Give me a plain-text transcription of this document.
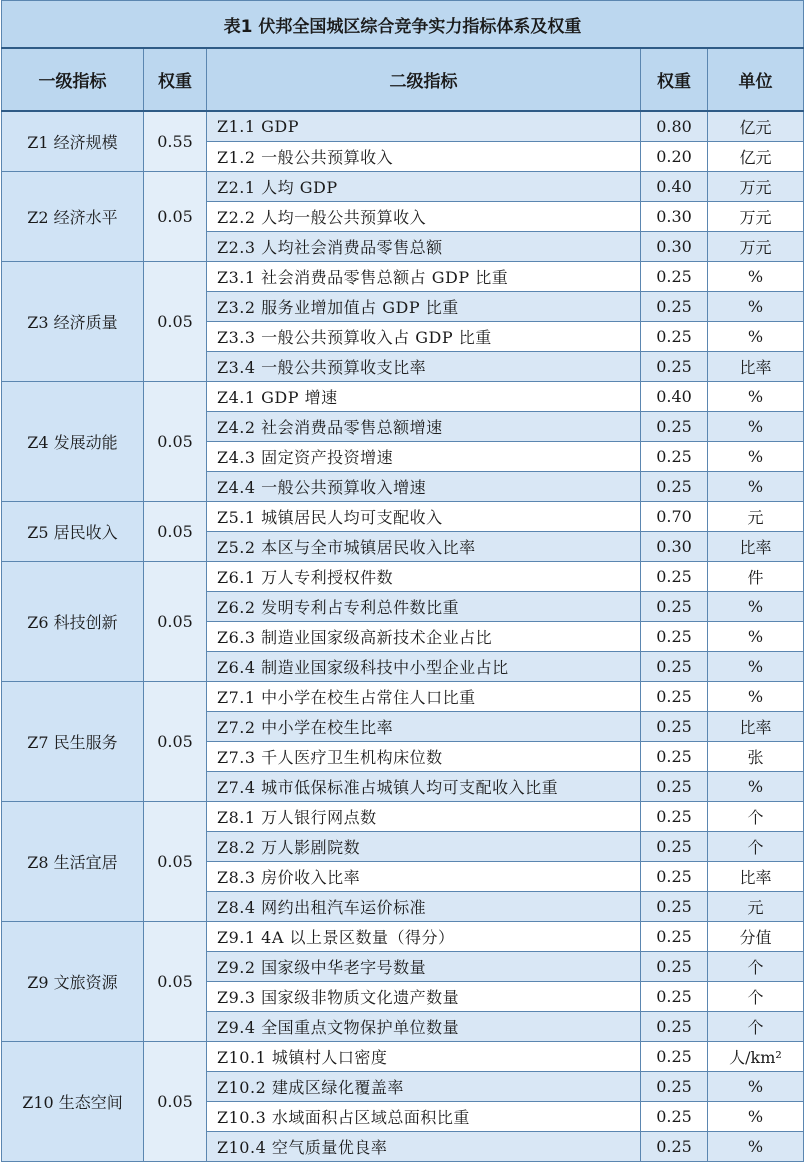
表1 伏邦全国城区综合竞争实力指标体系及权重				
一级指标	权重	二级指标	权重	单位
Z1 经济规模	0.55	Z1.1 GDP	0.80	亿元
		Z1.2 一般公共预算收入	0.20	亿元
Z2 经济水平	0.05	Z2.1 人均 GDP	0.40	万元
		Z2.2 人均一般公共预算收入	0.30	万元
		Z2.3 人均社会消费品零售总额	0.30	万元
Z3 经济质量	0.05	Z3.1 社会消费品零售总额占 GDP 比重	0.25	%
		Z3.2 服务业增加值占 GDP 比重	0.25	%
		Z3.3 一般公共预算收入占 GDP 比重	0.25	%
		Z3.4 一般公共预算收支比率	0.25	比率
Z4 发展动能	0.05	Z4.1 GDP 增速	0.40	%
		Z4.2 社会消费品零售总额增速	0.25	%
		Z4.3 固定资产投资增速	0.25	%
		Z4.4 一般公共预算收入增速	0.25	%
Z5 居民收入	0.05	Z5.1 城镇居民人均可支配收入	0.70	元
		Z5.2 本区与全市城镇居民收入比率	0.30	比率
Z6 科技创新	0.05	Z6.1 万人专利授权件数	0.25	件
		Z6.2 发明专利占专利总件数比重	0.25	%
		Z6.3 制造业国家级高新技术企业占比	0.25	%
		Z6.4 制造业国家级科技中小型企业占比	0.25	%
Z7 民生服务	0.05	Z7.1 中小学在校生占常住人口比重	0.25	%
		Z7.2 中小学在校生比率	0.25	比率
		Z7.3 千人医疗卫生机构床位数	0.25	张
		Z7.4 城市低保标准占城镇人均可支配收入比重	0.25	%
Z8 生活宜居	0.05	Z8.1 万人银行网点数	0.25	个
		Z8.2 万人影剧院数	0.25	个
		Z8.3 房价收入比率	0.25	比率
		Z8.4 网约出租汽车运价标准	0.25	元
Z9 文旅资源	0.05	Z9.1 4A 以上景区数量（得分）	0.25	分值
		Z9.2 国家级中华老字号数量	0.25	个
		Z9.3 国家级非物质文化遗产数量	0.25	个
		Z9.4 全国重点文物保护单位数量	0.25	个
Z10 生态空间	0.05	Z10.1 城镇村人口密度	0.25	人/km²
		Z10.2 建成区绿化覆盖率	0.25	%
		Z10.3 水域面积占区域总面积比重	0.25	%
		Z10.4 空气质量优良率	0.25	%
